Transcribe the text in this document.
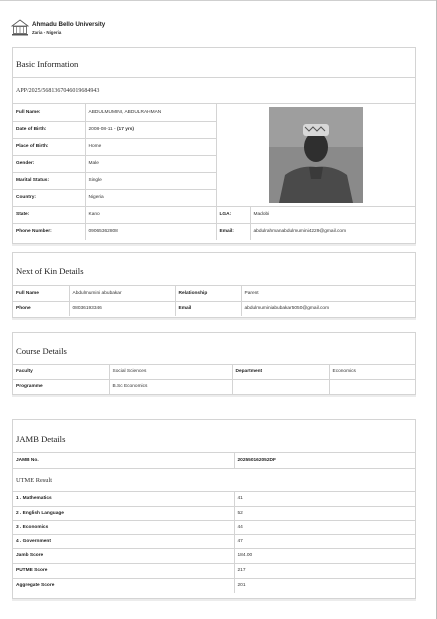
Ahmadu Bello University
Zaria - Nigeria
Basic Information
APP/2025/5681367046019684943
Full Name:	ABDULMUMINI, ABDULRAHMAN	

Date of Birth:	2008-08-11 - (17 yrs)		
Place of Birth:	Home		
Gender:	Male		
Marital Status:	Single		
Country:	Nigeria		
State:	Kano	LGA:	Madobi
Phone Number:	09065362808	Email:	abdulrahmanabdulmumini4229@gmail.com
Next of Kin Details
Full Name	Abdulmumini abubakar	Relationship	Parent
Phone	08036193346	Email	abdulmuminiabubakar5050@gmail.com
Course Details
Faculty	Social Sciences	Department	Economics
Programme	B.Sc Economics		
JAMB Details
JAMB No.	202550162052DF
UTME Result
1 . Mathematics	41
2 . English Language	52
3 . Economics	44
4 . Government	47
Jamb Score	184.00
PUTME Score	217
Aggregate Score	201
